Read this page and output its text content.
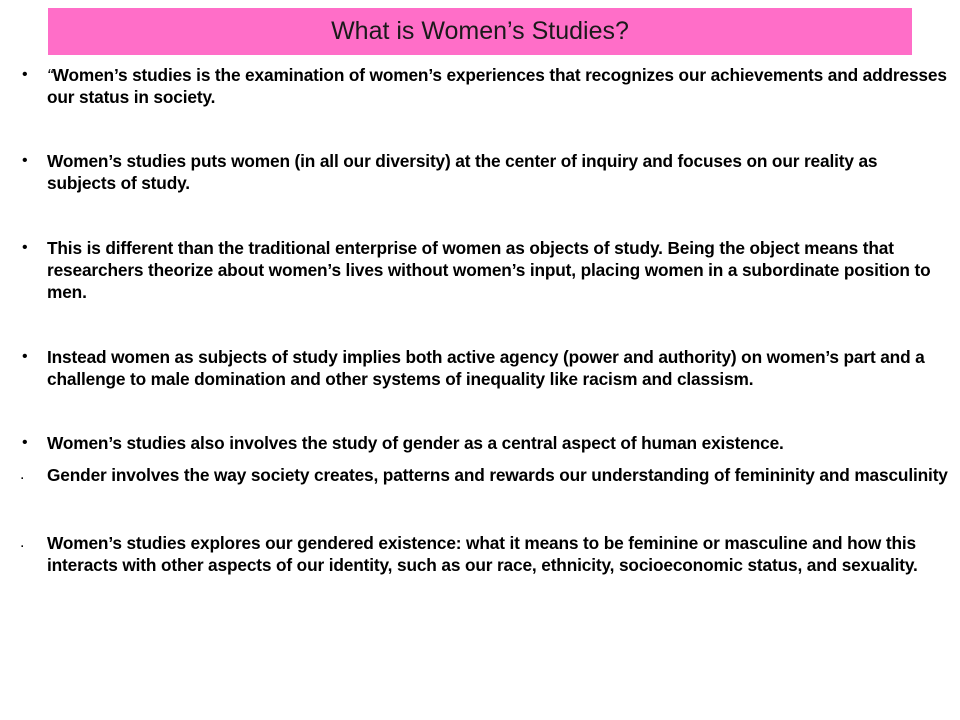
What is Women’s Studies?
• “Women’s studies is the examination of women’s experiences that recognizes our achievements and addresses our status in society.
• Women’s studies puts women (in all our diversity) at the center of inquiry and focuses on our reality as subjects of study.
• This is different than the traditional enterprise of women as objects of study. Being the object means that researchers theorize about women’s lives without women’s input, placing women in a subordinate position to men.
• Instead women as subjects of study implies both active agency (power and authority) on women’s part and a challenge to male domination and other systems of inequality like racism and classism.
• Women’s studies also involves the study of gender as a central aspect of human existence.
. Gender involves the way society creates, patterns and rewards our understanding of femininity and masculinity
. Women’s studies explores our gendered existence: what it means to be feminine or masculine and how this interacts with other aspects of our identity, such as our race, ethnicity, socioeconomic status, and sexuality.
